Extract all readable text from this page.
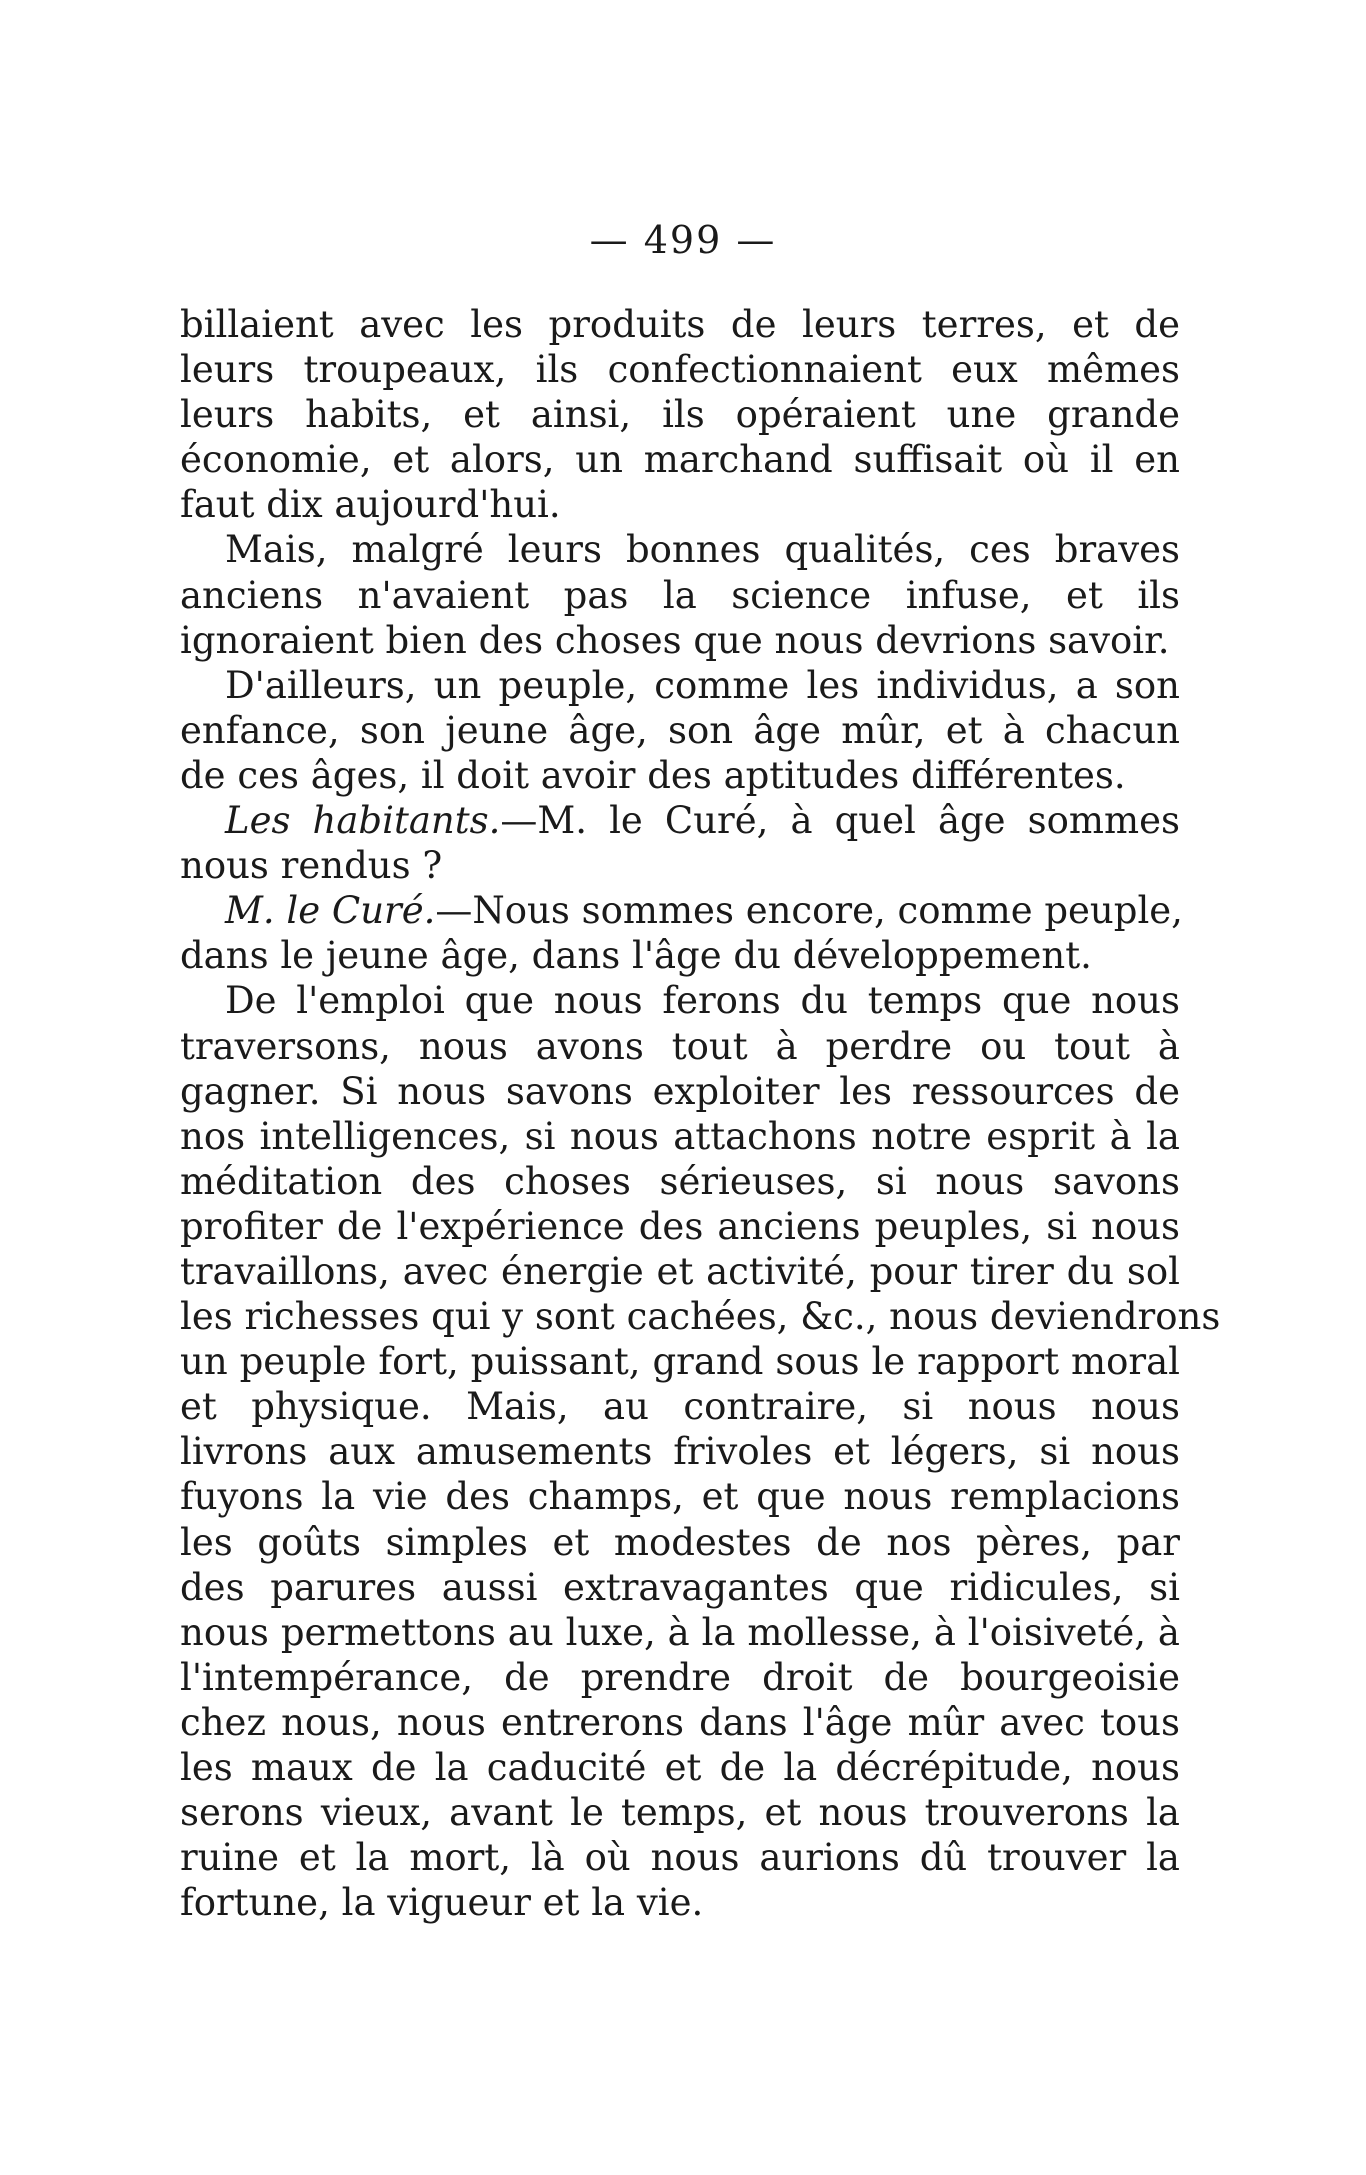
— 499 —
billaient avec les produits de leurs terres, et de
leurs troupeaux, ils confectionnaient eux mêmes
leurs habits, et ainsi, ils opéraient une grande
économie, et alors, un marchand suffisait où il en
faut dix aujourd'hui.
Mais, malgré leurs bonnes qualités, ces braves
anciens n'avaient pas la science infuse, et ils
ignoraient bien des choses que nous devrions savoir.
D'ailleurs, un peuple, comme les individus, a son
enfance, son jeune âge, son âge mûr, et à chacun
de ces âges, il doit avoir des aptitudes différentes.
Les habitants.—M. le Curé, à quel âge sommes
nous rendus ?
M. le Curé.—Nous sommes encore, comme peuple,
dans le jeune âge, dans l'âge du développement.
De l'emploi que nous ferons du temps que nous
traversons, nous avons tout à perdre ou tout à
gagner. Si nous savons exploiter les ressources de
nos intelligences, si nous attachons notre esprit à la
méditation des choses sérieuses, si nous savons
profiter de l'expérience des anciens peuples, si nous
travaillons, avec énergie et activité, pour tirer du sol
les richesses qui y sont cachées, &c., nous deviendrons
un peuple fort, puissant, grand sous le rapport moral
et physique. Mais, au contraire, si nous nous
livrons aux amusements frivoles et légers, si nous
fuyons la vie des champs, et que nous remplacions
les goûts simples et modestes de nos pères, par
des parures aussi extravagantes que ridicules, si
nous permettons au luxe, à la mollesse, à l'oisiveté, à
l'intempérance, de prendre droit de bourgeoisie
chez nous, nous entrerons dans l'âge mûr avec tous
les maux de la caducité et de la décrépitude, nous
serons vieux, avant le temps, et nous trouverons la
ruine et la mort, là où nous aurions dû trouver la
fortune, la vigueur et la vie.
